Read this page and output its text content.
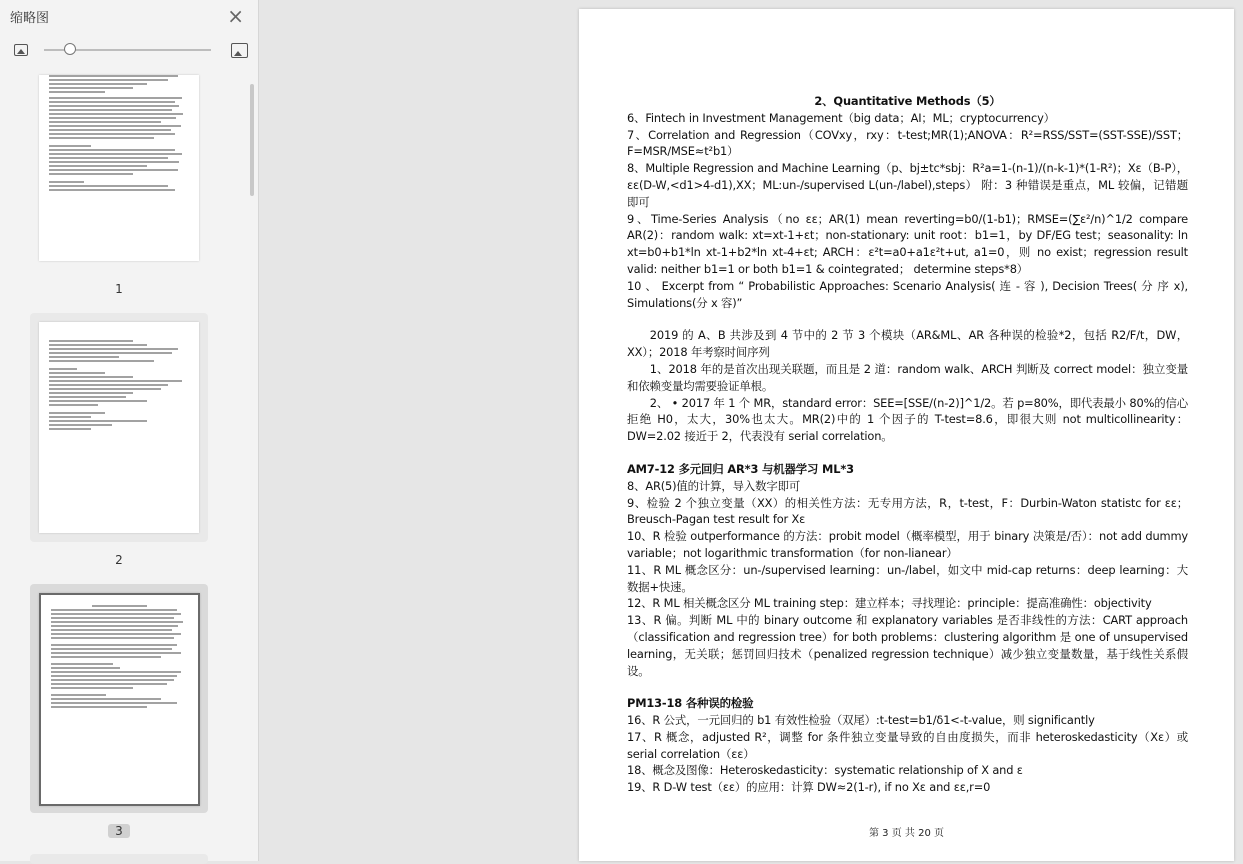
缩略图	×
1
2
3

2、Quantitative Methods（5）

6、Fintech in Investment Management（big data；AI；ML；cryptocurrency）

7、Correlation and Regression（COVxy，rxy：t-test;MR(1);ANOVA：R²=RSS/SST=(SST-SSE)/SST；F=MSR/MSE≈t²b1）

8、Multiple Regression and Machine Learning（p、bj±tc*sbj：R²a=1-(n-1)/(n-k-1)*(1-R²)；Xε（B-P），εε(D-W,<d1>4-d1),XX；ML:un-/supervised L(un-/label),steps） 附：3 种错误是重点，ML 较偏，记错题即可

9、Time-Series Analysis（no εε；AR(1) mean reverting=b0/(1-b1)；RMSE=(∑ε²/n)^1/2 compare AR(2)：random walk: xt=xt-1+εt；non-stationary: unit root：b1=1，by DF/EG test；seasonality: ln xt=b0+b1*ln xt-1+b2*ln xt-4+εt; ARCH：ε²t=a0+a1ε²t+ut, a1=0，则 no exist；regression result valid: neither b1=1 or both b1=1 & cointegrated； determine steps*8）

10 、 Excerpt from “ Probabilistic Approaches: Scenario Analysis( 连 - 容 ), Decision Trees( 分 序 x), Simulations(分 x 容)”

2019 的 A、B 共涉及到 4 节中的 2 节 3 个模块（AR&ML、AR 各种误的检验*2，包括 R2/F/t，DW，XX）；2018 年考察时间序列

1、2018 年的是首次出现关联题，而且是 2 道：random walk、ARCH 判断及 correct model：独立变量和依赖变量均需要验证单根。

2、 • 2017 年 1 个 MR，standard error：SEE=[SSE/(n-2)]^1/2。若 p=80%，即代表最小 80%的信心拒绝 H0，太大，30%也太大。MR(2)中的 1 个因子的 T-test=8.6，即很大则 not multicollinearity：DW=2.02 接近于 2，代表没有 serial correlation。

AM7-12 多元回归 AR*3 与机器学习 ML*3

8、AR(5)值的计算，导入数字即可

9、检验 2 个独立变量（XX）的相关性方法：无专用方法，R，t-test，F：Durbin-Waton statistc for εε；Breusch-Pagan test result for Xε

10、R 检验 outperformance 的方法：probit model（概率模型，用于 binary 决策是/否）：not add dummy variable；not logarithmic transformation（for non-lianear）

11、R ML 概念区分：un-/supervised learning：un-/label，如文中 mid-cap returns：deep learning：大数据+快速。

12、R ML 相关概念区分 ML training step：建立样本；寻找理论：principle：提高准确性：objectivity

13、R 偏。判断 ML 中的 binary outcome 和 explanatory variables 是否非线性的方法：CART approach（classification and regression tree）for both problems：clustering algorithm 是 one of unsupervised learning，无关联；惩罚回归技术（penalized regression technique）减少独立变量数量，基于线性关系假设。

PM13-18 各种误的检验

16、R 公式，一元回归的 b1 有效性检验（双尾）:t-test=b1/δ1<-t-value，则 significantly

17、R 概念，adjusted R²，调整 for 条件独立变量导致的自由度损失，而非 heteroskedasticity（Xε）或 serial correlation（εε）

18、概念及图像：Heteroskedasticity：systematic relationship of X and ε

19、R D-W test（εε）的应用：计算 DW≈2(1-r), if no Xε and εε,r=0

第 3 页 共 20 页
